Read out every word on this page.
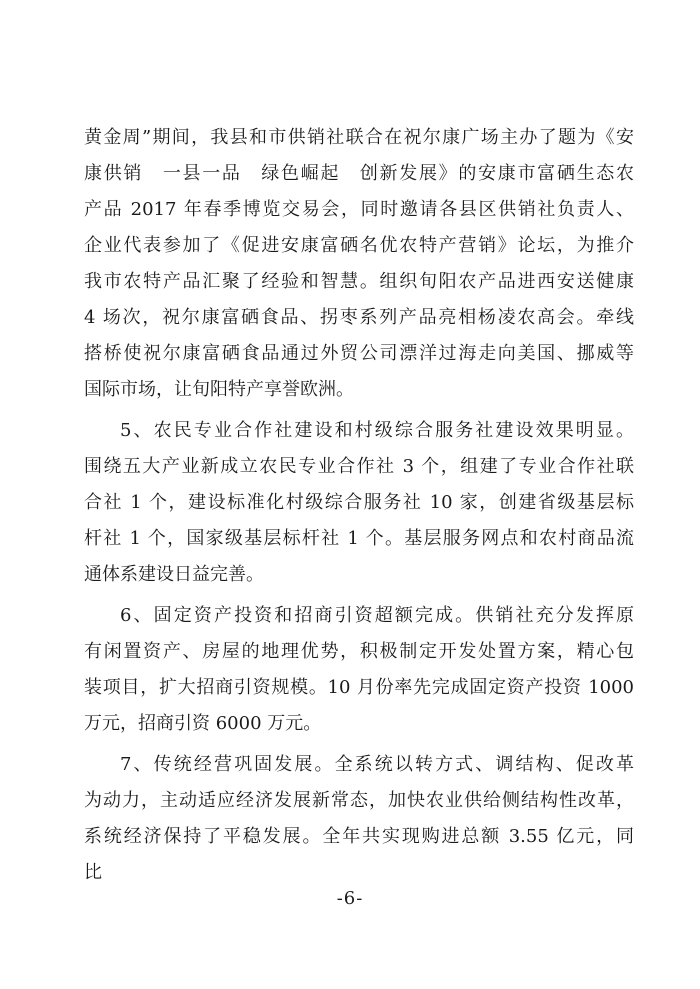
黄金周”期间，我县和市供销社联合在祝尔康广场主办了题为《安
康供销　一县一品　绿色崛起　创新发展》的安康市富硒生态农
产品 2017 年春季博览交易会，同时邀请各县区供销社负责人、
企业代表参加了《促进安康富硒名优农特产营销》论坛，为推介
我市农特产品汇聚了经验和智慧。组织旬阳农产品进西安送健康
4 场次，祝尔康富硒食品、拐枣系列产品亮相杨凌农高会。牵线
搭桥使祝尔康富硒食品通过外贸公司漂洋过海走向美国、挪威等
国际市场，让旬阳特产享誉欧洲。
5、农民专业合作社建设和村级综合服务社建设效果明显。
围绕五大产业新成立农民专业合作社 3 个，组建了专业合作社联
合社 1 个，建设标准化村级综合服务社 10 家，创建省级基层标
杆社 1 个，国家级基层标杆社 1 个。基层服务网点和农村商品流
通体系建设日益完善。
6、固定资产投资和招商引资超额完成。供销社充分发挥原
有闲置资产、房屋的地理优势，积极制定开发处置方案，精心包
装项目，扩大招商引资规模。10 月份率先完成固定资产投资 1000
万元，招商引资 6000 万元。
7、传统经营巩固发展。全系统以转方式、调结构、促改革
为动力，主动适应经济发展新常态，加快农业供给侧结构性改革，
系统经济保持了平稳发展。全年共实现购进总额 3.55 亿元，同
比
-6-
